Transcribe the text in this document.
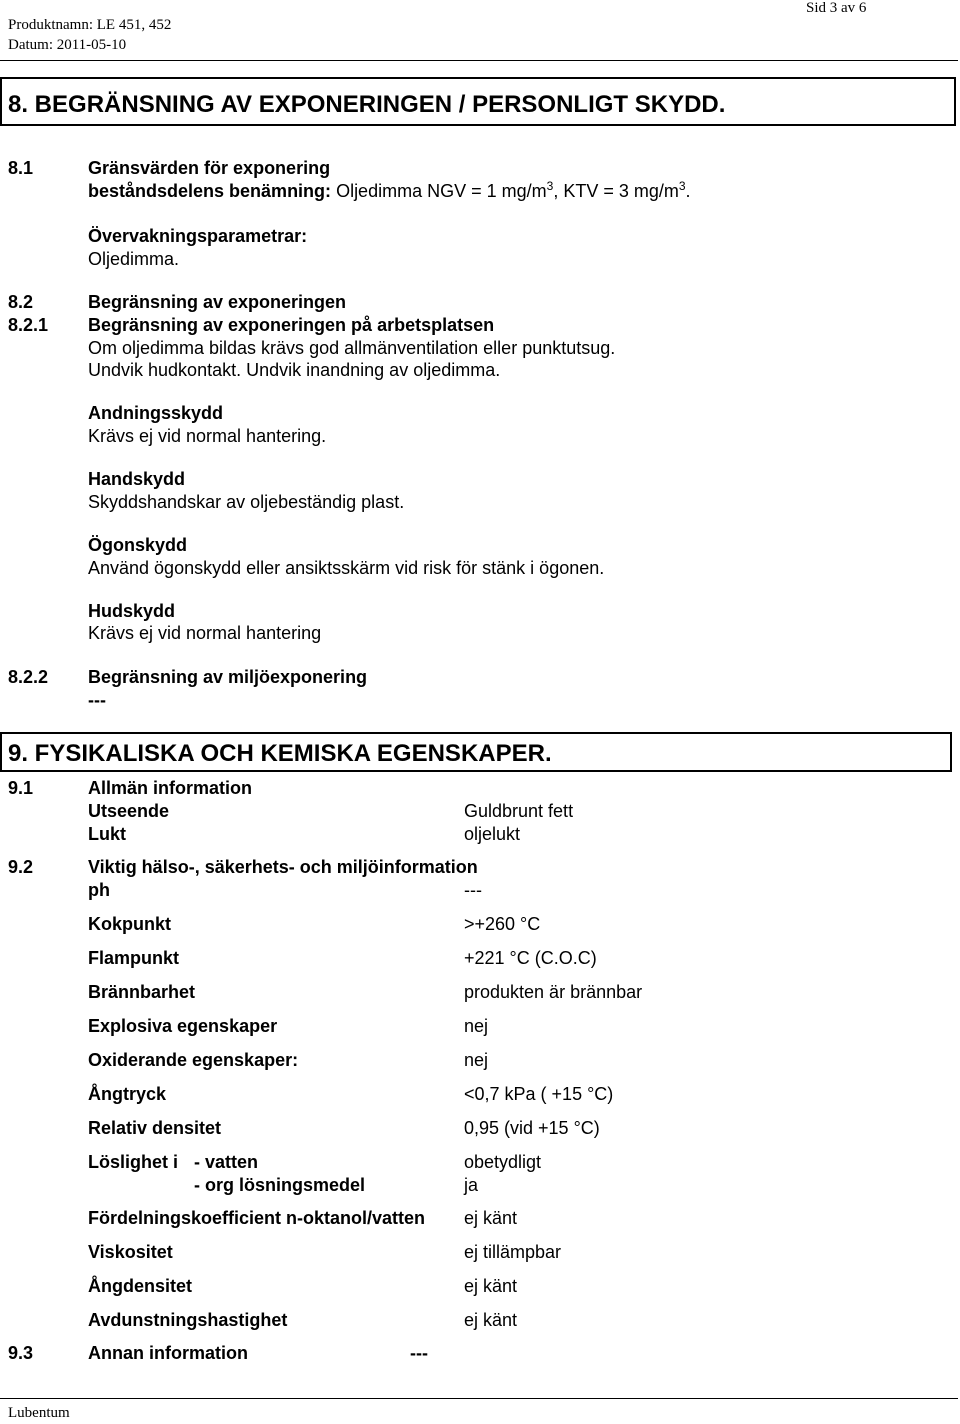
Produktnamn: LE 451, 452
Datum: 2011-05-10
Sid 3 av 6
8. BEGRÄNSNING AV EXPONERINGEN / PERSONLIGT SKYDD.
8.1	Gränsvärden för exponering
beståndsdelens benämning: Oljedimma NGV = 1 $mg/m^3$, KTV = 3 $mg/m^3$.
Övervakningsparametrar:
Oljedimma.
8.2	Begränsning av exponeringen
8.2.1 Begränsning av exponeringen på arbetsplatsen
Om oljedimma bildas krävs god allmänventilation eller punktutsug.
Undvik hudkontakt. Undvik inandning av oljedimma.
Andningsskydd
Krävs ej vid normal hantering.
Handskydd
Skyddshandskar av oljebeständig plast.
Ögonskydd
Använd ögonskydd eller ansiktsskärm vid risk för stänk i ögonen.
Hudskydd
Krävs ej vid normal hantering
8.2.2 Begränsning av miljöexponering
---
9. FYSIKALISKA OCH KEMISKA EGENSKAPER.
9.1	Allmän information
Utseende	Guldbrunt fett
Lukt	oljelukt
9.2	Viktig hälso-, säkerhets- och miljöinformation
ph	---
Kokpunkt	>+260 °C
Flampunkt	+221 °C (C.O.C)
Brännbarhet	produkten är brännbar
Explosiva egenskaper	nej
Oxiderande egenskaper:	nej
Ångtryck	<0,7 kPa ( +15 °C)
Relativ densitet	0,95 (vid +15 °C)
Löslighet i - vatten	obetydligt
- org lösningsmedel	ja
Fördelningskoefficient n-oktanol/vatten ej känt
Viskositet	ej tillämpbar
Ångdensitet	ej känt
Avdunstningshastighet	ej känt
9.3	Annan information	---
Lubentum
